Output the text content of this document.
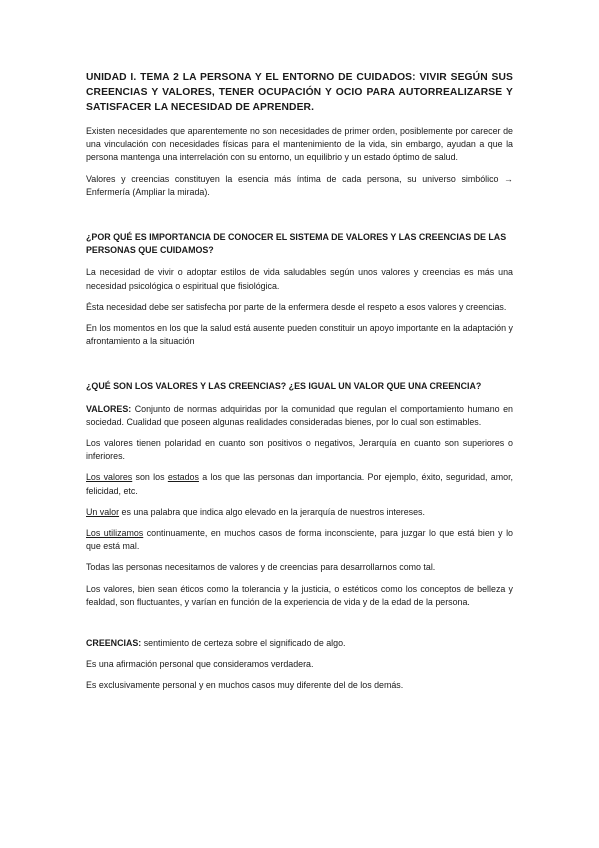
UNIDAD I. TEMA 2 LA PERSONA Y EL ENTORNO DE CUIDADOS: VIVIR SEGÚN SUS CREENCIAS Y VALORES, TENER OCUPACIÓN Y OCIO PARA AUTORREALIZARSE Y SATISFACER LA NECESIDAD DE APRENDER.

Existen necesidades que aparentemente no son necesidades de primer orden, posiblemente por carecer de una vinculación con necesidades físicas para el mantenimiento de la vida, sin embargo, ayudan a que la persona mantenga una interrelación con su entorno, un equilibrio y un estado óptimo de salud.

Valores y creencias constituyen la esencia más íntima de cada persona, su universo simbólico → Enfermería (Ampliar la mirada).

¿POR QUÉ ES IMPORTANCIA DE CONOCER EL SISTEMA DE VALORES Y LAS CREENCIAS DE LAS PERSONAS QUE CUIDAMOS?

La necesidad de vivir o adoptar estilos de vida saludables según unos valores y creencias es más una necesidad psicológica o espiritual que fisiológica.

Ésta necesidad debe ser satisfecha por parte de la enfermera desde el respeto a esos valores y creencias.

En los momentos en los que la salud está ausente pueden constituir un apoyo importante en la adaptación y afrontamiento a la situación

¿QUÉ SON LOS VALORES Y LAS CREENCIAS? ¿ES IGUAL UN VALOR QUE UNA CREENCIA?

VALORES: Conjunto de normas adquiridas por la comunidad que regulan el comportamiento humano en sociedad. Cualidad que poseen algunas realidades consideradas bienes, por lo cual son estimables.

Los valores tienen polaridad en cuanto son positivos o negativos, Jerarquía en cuanto son superiores o inferiores.

Los valores son los estados a los que las personas dan importancia. Por ejemplo, éxito, seguridad, amor, felicidad, etc.

Un valor es una palabra que indica algo elevado en la jerarquía de nuestros intereses.

Los utilizamos continuamente, en muchos casos de forma inconsciente, para juzgar lo que está bien y lo que está mal.

Todas las personas necesitamos de valores y de creencias para desarrollarnos como tal.

Los valores, bien sean éticos como la tolerancia y la justicia, o estéticos como los conceptos de belleza y fealdad, son fluctuantes, y varían en función de la experiencia de vida y de la edad de la persona.

CREENCIAS: sentimiento de certeza sobre el significado de algo.

Es una afirmación personal que consideramos verdadera.

Es exclusivamente personal y en muchos casos muy diferente del de los demás.
